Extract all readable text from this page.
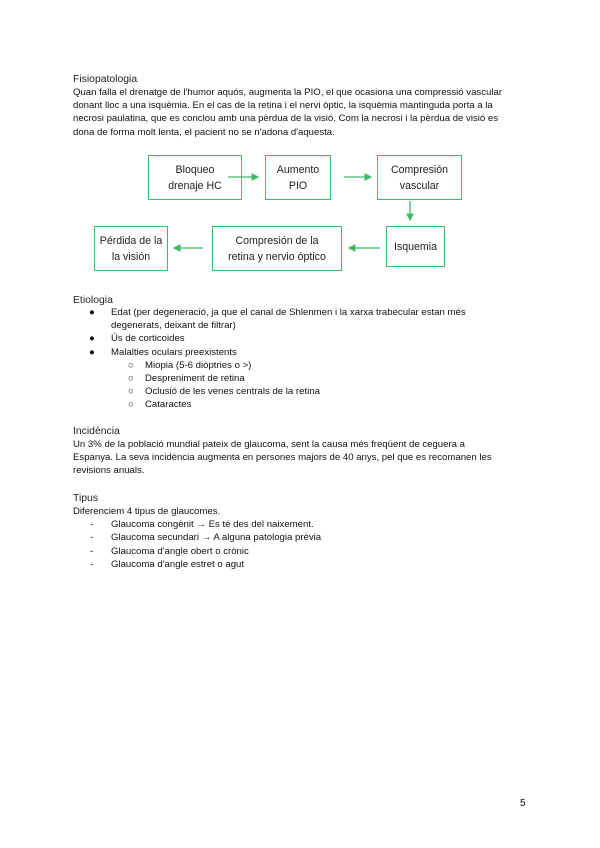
Fisiopatologia

Quan falla el drenatge de l'humor aquós, augmenta la PIO, el que ocasiona una compressió vascular

donant lloc a una isquèmia. En el cas de la retina i el nervi òptic, la isquèmia mantinguda porta a la

necrosi paulatina, que es conclou amb una pèrdua de la visió. Com la necrosi i la pèrdua de visió es

dona de forma molt lenta, el pacient no se n'adona d'aquesta.

Bloqueo
drenaje HC
Aumento
PIO
Compresión
vascular
Isquemia
Compresión de la
retina y nervio óptico
Pérdida de la
la visión
Etiologia
● Edat (per degeneració, ja que el canal de Shlenmen i la xarxa trabecular estan més
degenerats, deixant de filtrar)
● Ús de corticoides
● Malalties oculars preexistents
○ Miopia (5-6 diòptries o >)
○ Despreniment de retina
○ Oclusió de les venes centrals de la retina
○ Cataractes
Incidència

Un 3% de la població mundial pateix de glaucoma, sent la causa més freqüent de ceguera a

Espanya. La seva incidència augmenta en persones majors de 40 anys, pel que es recomanen les

revisions anuals.

Tipus

Diferenciem 4 tipus de glaucomes.

- Glaucoma congènit → Es té des del naixement.
- Glaucoma secundari → A alguna patologia prèvia
- Glaucoma d'angle obert o crònic
- Glaucoma d'angle estret o agut
5
